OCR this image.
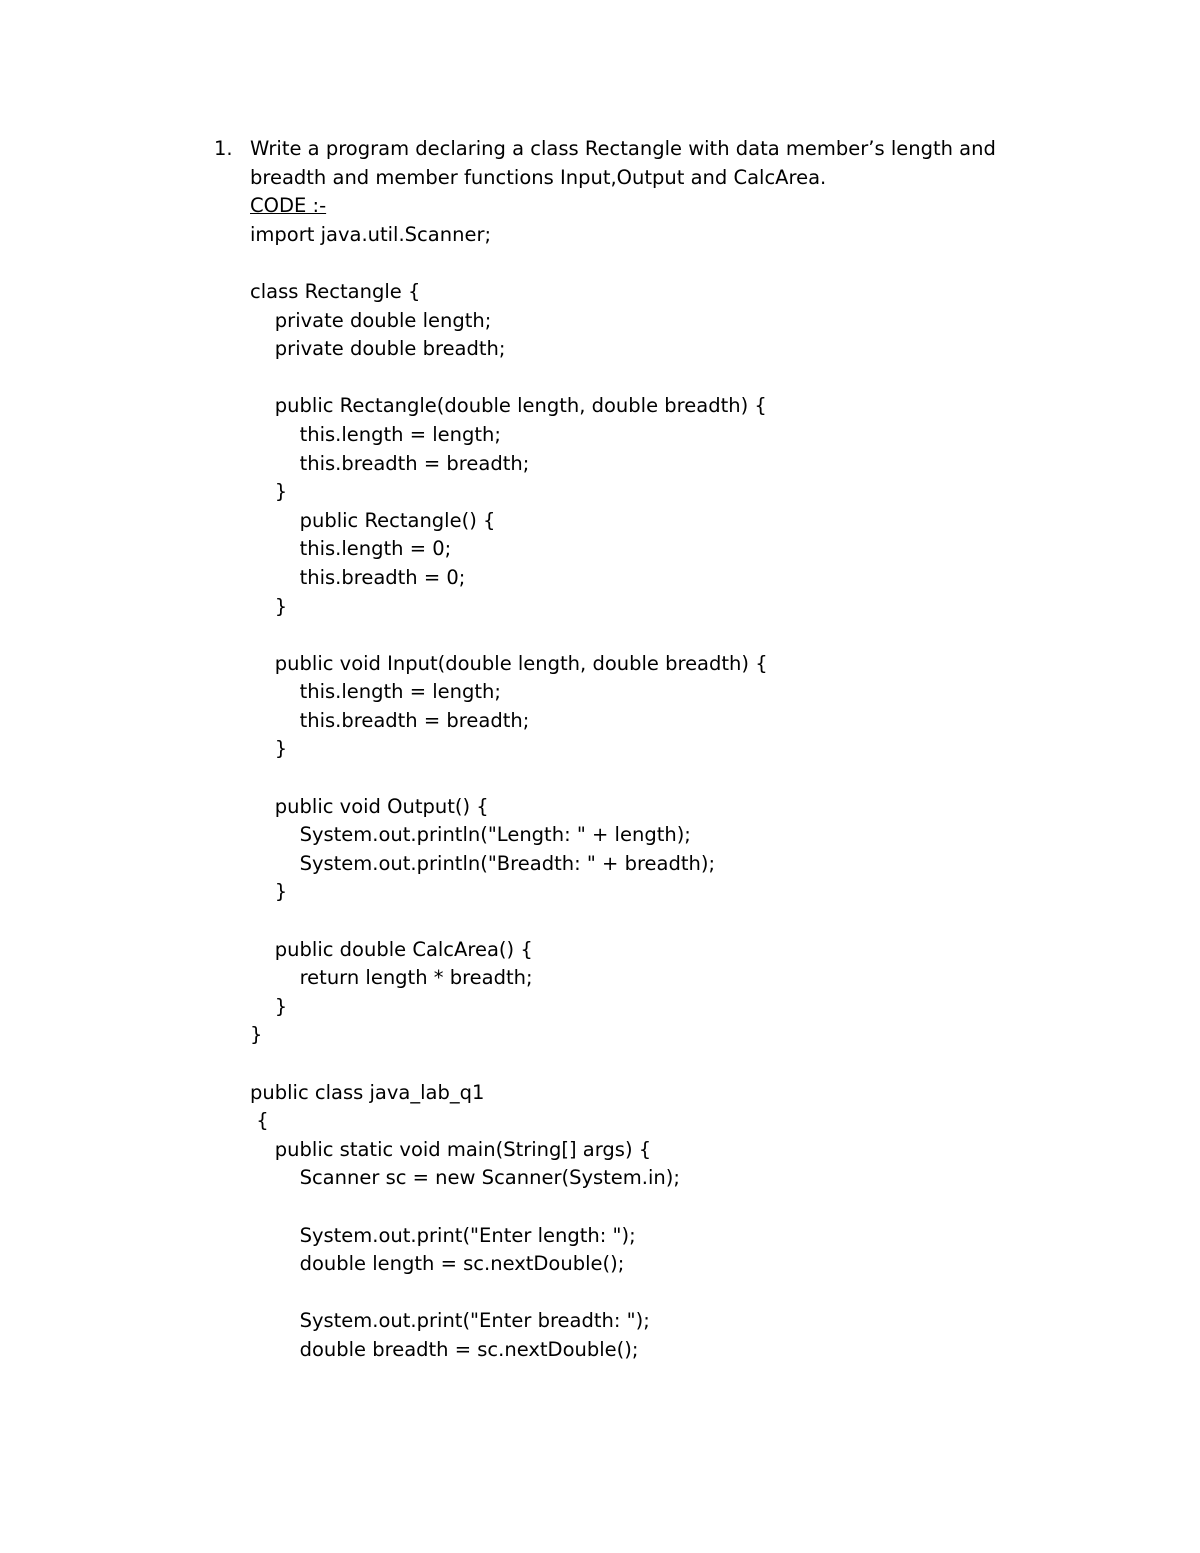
1. Write a program declaring a class Rectangle with data member’s length and
breadth and member functions Input,Output and CalcArea.
CODE :-
import java.util.Scanner;
class Rectangle {
private double length;
private double breadth;
public Rectangle(double length, double breadth) {
this.length = length;
this.breadth = breadth;
}
public Rectangle() {
this.length = 0;
this.breadth = 0;
}
public void Input(double length, double breadth) {
this.length = length;
this.breadth = breadth;
}
public void Output() {
System.out.println("Length: " + length);
System.out.println("Breadth: " + breadth);
}
public double CalcArea() {
return length * breadth;
}
}
public class java_lab_q1
{
public static void main(String[] args) {
Scanner sc = new Scanner(System.in);
System.out.print("Enter length: ");
double length = sc.nextDouble();
System.out.print("Enter breadth: ");
double breadth = sc.nextDouble();
